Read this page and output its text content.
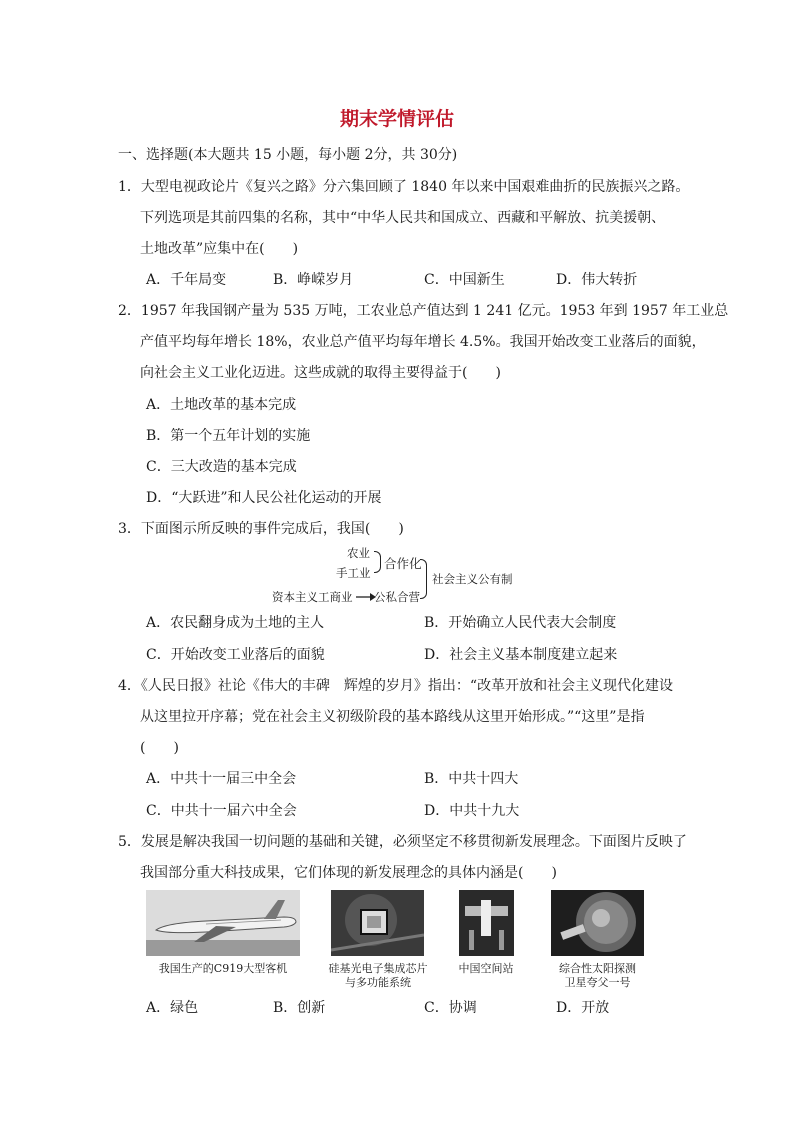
期末学情评估
一、选择题(本大题共 15 小题，每小题 2分，共 30分)
1．大型电视政论片《复兴之路》分六集回顾了 1840 年以来中国艰难曲折的民族振兴之路。
下列选项是其前四集的名称，其中“中华人民共和国成立、西藏和平解放、抗美援朝、
土地改革”应集中在(　　)
A．千年局变	B．峥嵘岁月	C．中国新生	D．伟大转折
2．1957 年我国钢产量为 535 万吨，工农业总产值达到 1 241 亿元。1953 年到 1957 年工业总
产值平均每年增长 18%，农业总产值平均每年增长 4.5%。我国开始改变工业落后的面貌，
向社会主义工业化迈进。这些成就的取得主要得益于(　　)
A．土地改革的基本完成
B．第一个五年计划的实施
C．三大改造的基本完成
D．“大跃进”和人民公社化运动的开展
3．下面图示所反映的事件完成后，我国(　　)
农业
手工业
资本主义工商业
合作化
公私合营
社会主义公有制
A．农民翻身成为土地的主人	B．开始确立人民代表大会制度
C．开始改变工业落后的面貌	D．社会主义基本制度建立起来
4．《人民日报》社论《伟大的丰碑　辉煌的岁月》指出：“改革开放和社会主义现代化建设
从这里拉开序幕；党在社会主义初级阶段的基本路线从这里开始形成。”“这里”是指
(　　)
A．中共十一届三中全会	B．中共十四大
C．中共十一届六中全会	D．中共十九大
5．发展是解决我国一切问题的基础和关键，必须坚定不移贯彻新发展理念。下面图片反映了
我国部分重大科技成果，它们体现的新发展理念的具体内涵是(　　)
我国生产的C919大型客机	硅基光电子集成芯片
与多功能系统
中国空间站	综合性太阳探测
卫星夸父一号
A．绿色	B．创新	C．协调	D．开放
